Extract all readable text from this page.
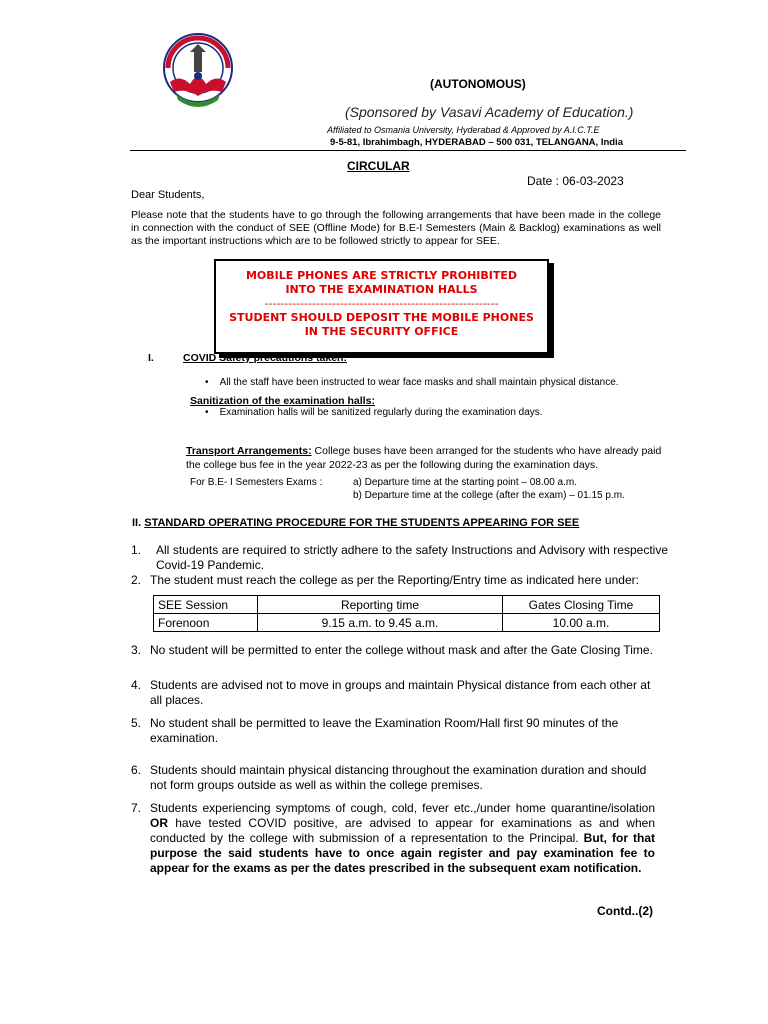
(AUTONOMOUS)
(Sponsored by Vasavi Academy of Education.)
Affiliated to Osmania University, Hyderabad & Approved by A.I.C.T.E
9-5-81, Ibrahimbagh, HYDERABAD – 500 031, TELANGANA, India
CIRCULAR
Date : 06-03-2023
Dear Students,
Please note that the students have to go through the following arrangements that have been made in the college in connection with the conduct of SEE (Offline Mode) for B.E-I Semesters (Main & Backlog) examinations as well as the important instructions which are to be followed strictly to appear for SEE.
MOBILE PHONES ARE STRICTLY PROHIBITED
INTO THE EXAMINATION HALLS
-----------------------------------------------------------
STUDENT SHOULD DEPOSIT THE MOBILE PHONES
IN THE SECURITY OFFICE
I.	COVID Safety precautions taken:
•    All the staff have been instructed to wear face masks and shall maintain physical distance.
Sanitization of the examination halls:
•    Examination halls will be sanitized regularly during the examination days.
Transport Arrangements: College buses have been arranged for the students who have already paid the college bus fee in the year 2022-23 as per the following during the examination days.
For B.E- I Semesters Exams :	a) Departure time at the starting point – 08.00 a.m.
b) Departure time at the college (after the exam) – 01.15 p.m.
II. STANDARD OPERATING PROCEDURE FOR THE STUDENTS APPEARING FOR SEE
1.	All students are required to strictly adhere to the safety Instructions and Advisory with respective Covid-19 Pandemic.
2. The student must reach the college as per the Reporting/Entry time as indicated here under:
SEE Session	Reporting time	Gates Closing Time
Forenoon	9.15 a.m. to 9.45 a.m.	10.00 a.m.
3. No student will be permitted to enter the college without mask and after the Gate Closing Time.
4. Students are advised not to move in groups and maintain Physical distance from each other at all places.
5. No student shall be permitted to leave the Examination Room/Hall first 90 minutes of the examination.
6. Students should maintain physical distancing throughout the examination duration and should not form groups outside as well as within the college premises.
7. Students experiencing symptoms of cough, cold, fever etc.,/under home quarantine/isolation OR have tested COVID positive, are advised to appear for examinations as and when conducted by the college with submission of a representation to the Principal. But, for that purpose the said students have to once again register and pay examination fee to appear for the exams as per the dates prescribed in the subsequent exam notification.
Contd..(2)
